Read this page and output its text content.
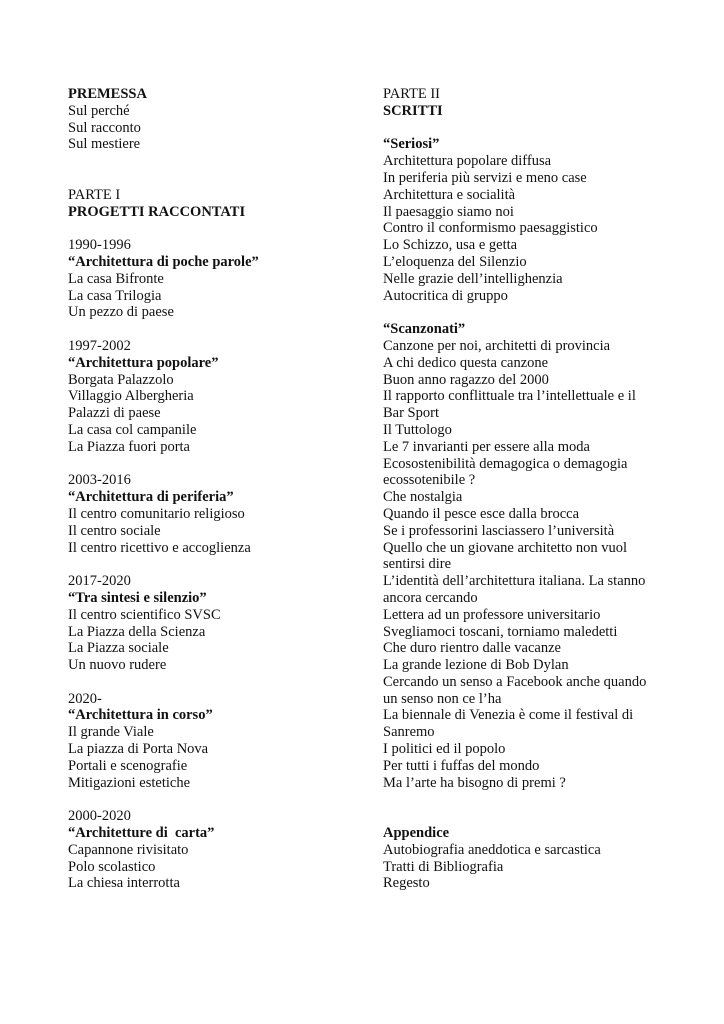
PREMESSA
Sul perché
Sul racconto
Sul mestiere
PARTE I
PROGETTI RACCONTATI
1990-1996
“Architettura di poche parole”
La casa Bifronte
La casa Trilogia
Un pezzo di paese
1997-2002
“Architettura popolare”
Borgata Palazzolo
Villaggio Albergheria
Palazzi di paese
La casa col campanile
La Piazza fuori porta
2003-2016
“Architettura di periferia”
Il centro comunitario religioso
Il centro sociale
Il centro ricettivo e accoglienza
2017-2020
“Tra sintesi e silenzio”
Il centro scientifico SVSC
La Piazza della Scienza
La Piazza sociale
Un nuovo rudere
2020-
“Architettura in corso”
Il grande Viale
La piazza di Porta Nova
Portali e scenografie
Mitigazioni estetiche
2000-2020
“Architetture di  carta”
Capannone rivisitato
Polo scolastico
La chiesa interrotta
PARTE II
SCRITTI
“Seriosi”
Architettura popolare diffusa
In periferia più servizi e meno case
Architettura e socialità
Il paesaggio siamo noi
Contro il conformismo paesaggistico
Lo Schizzo, usa e getta
L’eloquenza del Silenzio
Nelle grazie dell’intellighenzia
Autocritica di gruppo
“Scanzonati”
Canzone per noi, architetti di provincia
A chi dedico questa canzone
Buon anno ragazzo del 2000
Il rapporto conflittuale tra l’intellettuale e il
Bar Sport
Il Tuttologo
Le 7 invarianti per essere alla moda
Ecosostenibilità demagogica o demagogia
ecossotenibile ?
Che nostalgia
Quando il pesce esce dalla brocca
Se i professorini lasciassero l’università
Quello che un giovane architetto non vuol
sentirsi dire
L’identità dell’architettura italiana. La stanno
ancora cercando
Lettera ad un professore universitario
Svegliamoci toscani, torniamo maledetti
Che duro rientro dalle vacanze
La grande lezione di Bob Dylan
Cercando un senso a Facebook anche quando
un senso non ce l’ha
La biennale di Venezia è come il festival di
Sanremo
I politici ed il popolo
Per tutti i fuffas del mondo
Ma l’arte ha bisogno di premi ?
Appendice
Autobiografia aneddotica e sarcastica
Tratti di Bibliografia
Regesto
